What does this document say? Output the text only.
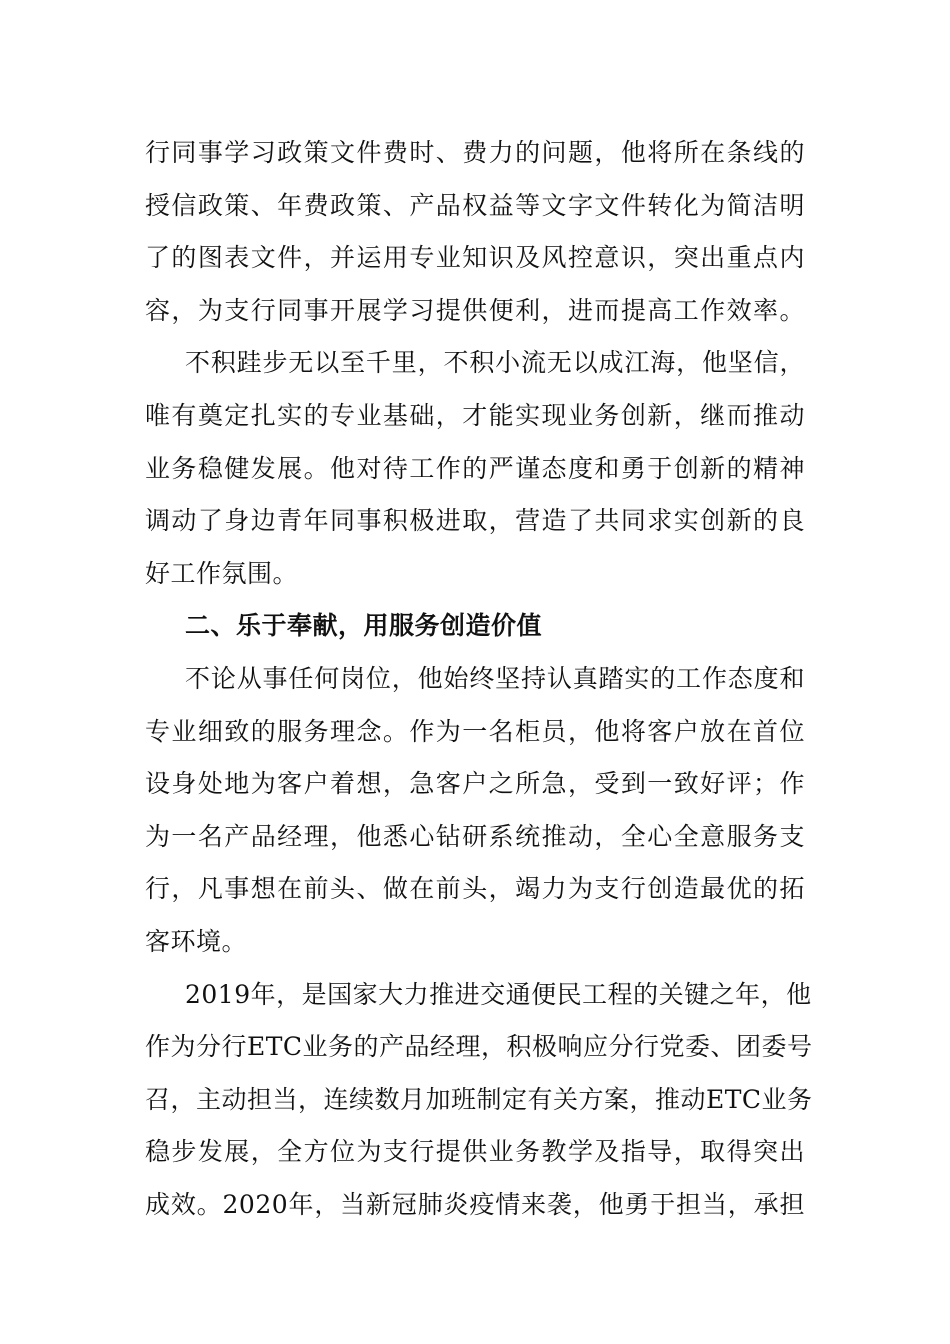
行同事学习政策文件费时、费力的问题，他将所在条线的
授信政策、年费政策、产品权益等文字文件转化为简洁明
了的图表文件，并运用专业知识及风控意识，突出重点内
容，为支行同事开展学习提供便利，进而提高工作效率。
不积跬步无以至千里，不积小流无以成江海，他坚信，
唯有奠定扎实的专业基础，才能实现业务创新，继而推动
业务稳健发展。他对待工作的严谨态度和勇于创新的精神
调动了身边青年同事积极进取，营造了共同求实创新的良
好工作氛围。
二、乐于奉献，用服务创造价值
不论从事任何岗位，他始终坚持认真踏实的工作态度和
专业细致的服务理念。作为一名柜员，他将客户放在首位
设身处地为客户着想，急客户之所急，受到一致好评；作
为一名产品经理，他悉心钻研系统推动，全心全意服务支
行，凡事想在前头、做在前头，竭力为支行创造最优的拓
客环境。
2019年，是国家大力推进交通便民工程的关键之年，他
作为分行ETC业务的产品经理，积极响应分行党委、团委号
召，主动担当，连续数月加班制定有关方案，推动ETC业务
稳步发展，全方位为支行提供业务教学及指导，取得突出
成效。2020年，当新冠肺炎疫情来袭，他勇于担当，承担
